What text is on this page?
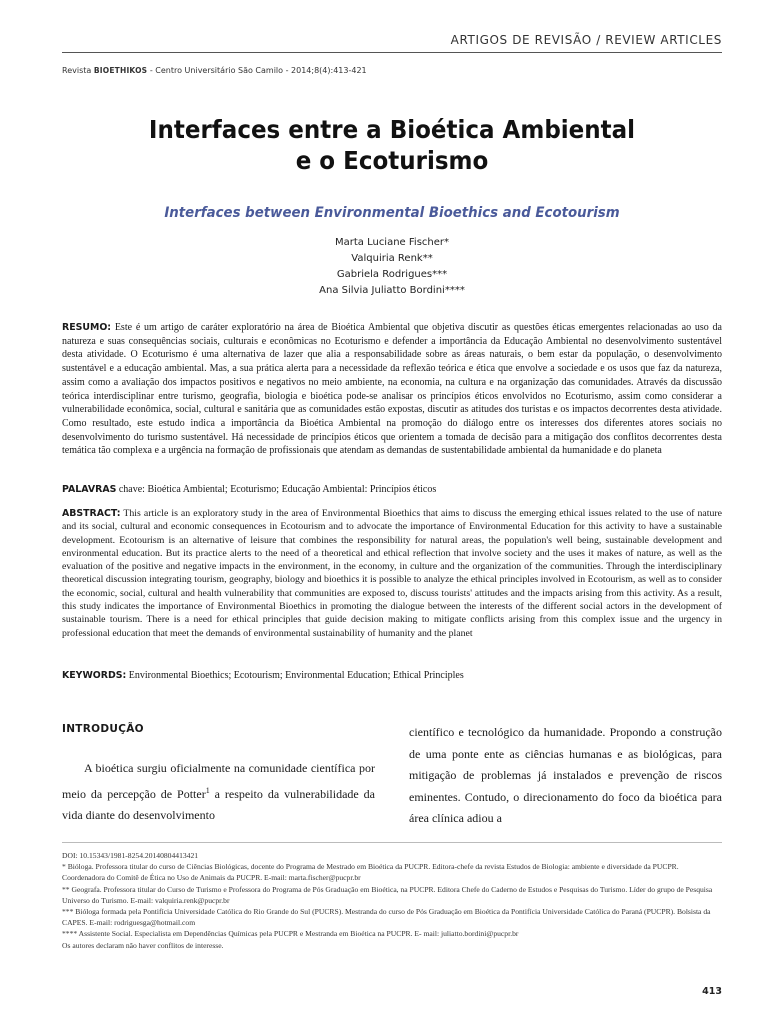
ARTIGOS DE REVISÃO / REVIEW ARTICLES
Revista BIOETHIKOS - Centro Universitário São Camilo - 2014;8(4):413-421
Interfaces entre a Bioética Ambiental
e o Ecoturismo
Interfaces between Environmental Bioethics and Ecotourism
Marta Luciane Fischer*
Valquiria Renk**
Gabriela Rodrigues***
Ana Silvia Juliatto Bordini****
RESUMO: Este é um artigo de caráter exploratório na área de Bioética Ambiental que objetiva discutir as questões éticas emergentes relacionadas ao uso da natureza e suas consequências sociais, culturais e econômicas no Ecoturismo e defender a importância da Educação Ambiental no desenvolvimento sustentável desta atividade. O Ecoturismo é uma alternativa de lazer que alia a responsabilidade sobre as áreas naturais, o bem estar da população, o desenvolvimento sustentável e a educação ambiental. Mas, a sua prática alerta para a necessidade da reflexão teórica e ética que envolve a sociedade e os usos que faz da natureza, assim como a avaliação dos impactos positivos e negativos no meio ambiente, na economia, na cultura e na organização das comunidades. Através da discussão teórica interdisciplinar entre turismo, geografia, biologia e bioética pode-se analisar os princípios éticos envolvidos no Ecoturismo, assim como considerar a vulnerabilidade econômica, social, cultural e sanitária que as comunidades estão expostas, discutir as atitudes dos turistas e os impactos decorrentes desta atividade. Como resultado, este estudo indica a importância da Bioética Ambiental na promoção do diálogo entre os interesses dos diferentes atores sociais no desenvolvimento do turismo sustentável. Há necessidade de princípios éticos que orientem a tomada de decisão para a mitigação dos conflitos decorrentes desta temática tão complexa e a urgência na formação de profissionais que atendam as demandas de sustentabilidade ambiental da humanidade e do planeta
PALAVRAS chave: Bioética Ambiental; Ecoturismo; Educação Ambiental: Princípios éticos
ABSTRACT: This article is an exploratory study in the area of Environmental Bioethics that aims to discuss the emerging ethical issues related to the use of nature and its social, cultural and economic consequences in Ecotourism and to advocate the importance of Environmental Education for this activity to have a sustainable development. Ecotourism is an alternative of leisure that combines the responsibility for natural areas, the population's well being, sustainable development and environmental education. But its practice alerts to the need of a theoretical and ethical reflection that involve society and the uses it makes of nature, as well as the evaluation of the positive and negative impacts in the environment, in the economy, in culture and the organization of the communities. Through the interdisciplinary theoretical discussion integrating tourism, geography, biology and bioethics it is possible to analyze the ethical principles involved in Ecotourism, as well as to consider the economic, social, cultural and health vulnerability that communities are exposed to, discuss tourists' attitudes and the impacts arising from this activity. As a result, this study indicates the importance of Environmental Bioethics in promoting the dialogue between the interests of the different social actors in the development of sustainable tourism. There is a need for ethical principles that guide decision making to mitigate conflicts arising from this complex issue and the urgency in professional education that meet the demands of environmental sustainability of humanity and the planet
KEYWORDS: Environmental Bioethics; Ecotourism; Environmental Education; Ethical Principles
INTRODUÇÃO
A bioética surgiu oficialmente na comunidade científica por meio da percepção de Potter$^1$ a respeito da vulnerabilidade da vida diante do desenvolvimento
científico e tecnológico da humanidade. Propondo a construção de uma ponte ente as ciências humanas e as biológicas, para mitigação de problemas já instalados e prevenção de riscos eminentes. Contudo, o direcionamento do foco da bioética para área clínica adiou a

DOI: 10.15343/1981-8254.20140804413421

* Bióloga. Professora titular do curso de Ciências Biológicas, docente do Programa de Mestrado em Bioética da PUCPR. Editora-chefe da revista Estudos de Biologia: ambiente e diversidade da PUCPR. Coordenadora do Comitê de Ética no Uso de Animais da PUCPR. E-mail: marta.fischer@pucpr.br

** Geografa. Professora titular do Curso de Turismo e Professora do Programa de Pós Graduação em Bioética, na PUCPR. Editora Chefe do Caderno de Estudos e Pesquisas do Turismo. Líder do grupo de Pesquisa Universo do Turismo. E-mail: valquiria.renk@pucpr.br

*** Bióloga formada pela Pontifícia Universidade Católica do Rio Grande do Sul (PUCRS). Mestranda do curso de Pós Graduação em Bioética da Pontifícia Universidade Católica do Paraná (PUCPR). Bolsista da CAPES. E-mail: rodriguesga@hotmail.com

**** Assistente Social. Especialista em Dependências Químicas pela PUCPR e Mestranda em Bioética na PUCPR. E- mail: juliatto.bordini@pucpr.br

Os autores declaram não haver conflitos de interesse.

413
